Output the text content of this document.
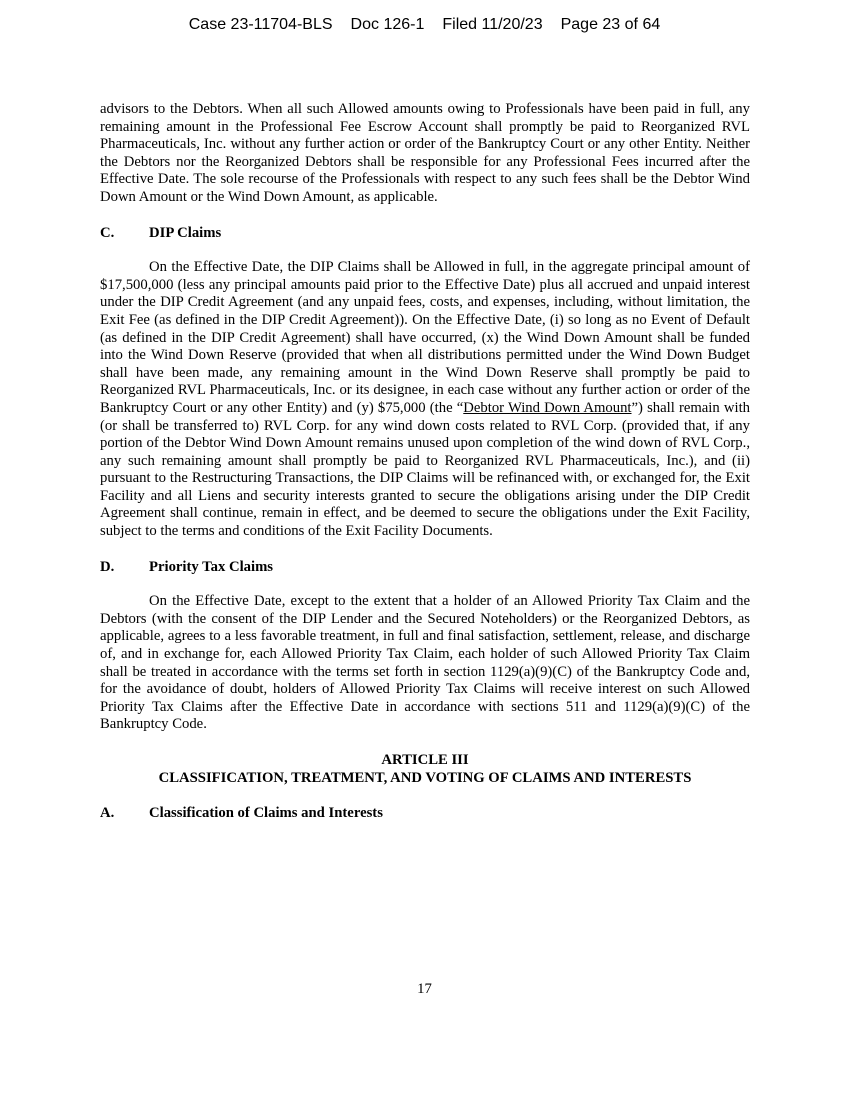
Case 23-11704-BLS Doc 126-1 Filed 11/20/23 Page 23 of 64

advisors to the Debtors. When all such Allowed amounts owing to Professionals have been paid in full, any remaining amount in the Professional Fee Escrow Account shall promptly be paid to Reorganized RVL Pharmaceuticals, Inc. without any further action or order of the Bankruptcy Court or any other Entity. Neither the Debtors nor the Reorganized Debtors shall be responsible for any Professional Fees incurred after the Effective Date. The sole recourse of the Professionals with respect to any such fees shall be the Debtor Wind Down Amount or the Wind Down Amount, as applicable.

C. DIP Claims

On the Effective Date, the DIP Claims shall be Allowed in full, in the aggregate principal amount of $17,500,000 (less any principal amounts paid prior to the Effective Date) plus all accrued and unpaid interest under the DIP Credit Agreement (and any unpaid fees, costs, and expenses, including, without limitation, the Exit Fee (as defined in the DIP Credit Agreement)). On the Effective Date, (i) so long as no Event of Default (as defined in the DIP Credit Agreement) shall have occurred, (x) the Wind Down Amount shall be funded into the Wind Down Reserve (provided that when all distributions permitted under the Wind Down Budget shall have been made, any remaining amount in the Wind Down Reserve shall promptly be paid to Reorganized RVL Pharmaceuticals, Inc. or its designee, in each case without any further action or order of the Bankruptcy Court or any other Entity) and (y) $75,000 (the “Debtor Wind Down Amount”) shall remain with (or shall be transferred to) RVL Corp. for any wind down costs related to RVL Corp. (provided that, if any portion of the Debtor Wind Down Amount remains unused upon completion of the wind down of RVL Corp., any such remaining amount shall promptly be paid to Reorganized RVL Pharmaceuticals, Inc.), and (ii) pursuant to the Restructuring Transactions, the DIP Claims will be refinanced with, or exchanged for, the Exit Facility and all Liens and security interests granted to secure the obligations arising under the DIP Credit Agreement shall continue, remain in effect, and be deemed to secure the obligations under the Exit Facility, subject to the terms and conditions of the Exit Facility Documents.

D. Priority Tax Claims

On the Effective Date, except to the extent that a holder of an Allowed Priority Tax Claim and the Debtors (with the consent of the DIP Lender and the Secured Noteholders) or the Reorganized Debtors, as applicable, agrees to a less favorable treatment, in full and final satisfaction, settlement, release, and discharge of, and in exchange for, each Allowed Priority Tax Claim, each holder of such Allowed Priority Tax Claim shall be treated in accordance with the terms set forth in section 1129(a)(9)(C) of the Bankruptcy Code and, for the avoidance of doubt, holders of Allowed Priority Tax Claims will receive interest on such Allowed Priority Tax Claims after the Effective Date in accordance with sections 511 and 1129(a)(9)(C) of the Bankruptcy Code.

ARTICLE III
CLASSIFICATION, TREATMENT, AND VOTING OF CLAIMS AND INTERESTS
A. Classification of Claims and Interests
17
